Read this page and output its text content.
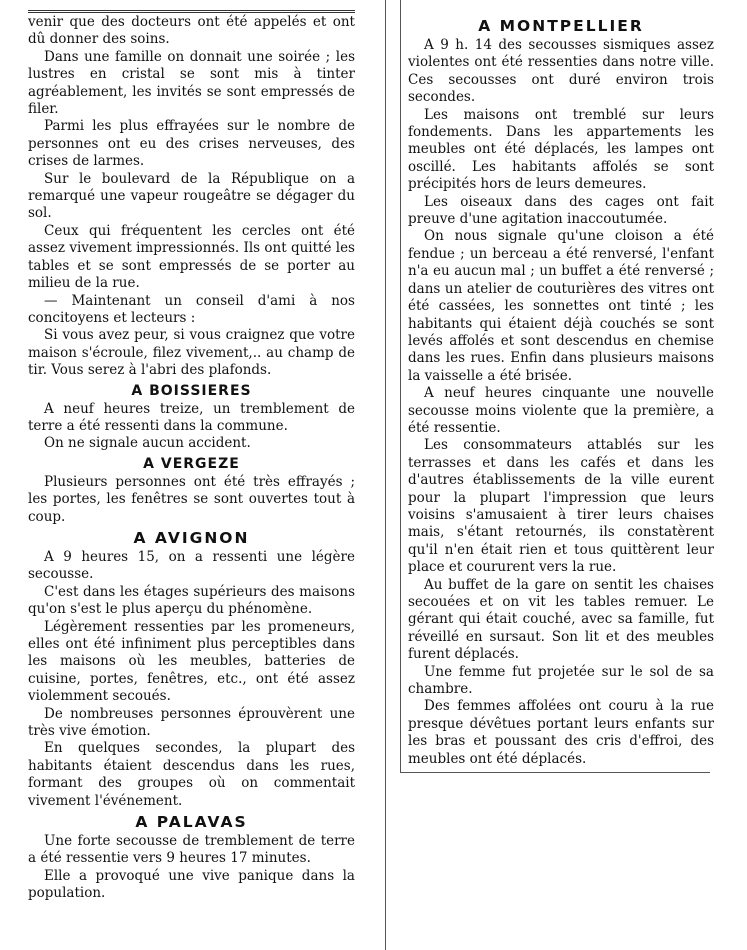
venir que des docteurs ont été appelés et ont dû donner des soins.

Dans une famille on donnait une soirée ; les lustres en cristal se sont mis à tinter agréablement, les invités se sont empressés de filer.

Parmi les plus effrayées sur le nombre de personnes ont eu des crises nerveuses, des crises de larmes.

Sur le boulevard de la République on a remarqué une vapeur rougeâtre se dégager du sol.

Ceux qui fréquentent les cercles ont été assez vivement impressionnés. Ils ont quitté les tables et se sont empressés de se porter au milieu de la rue.

— Maintenant un conseil d'ami à nos concitoyens et lecteurs :

Si vous avez peur, si vous craignez que votre maison s'écroule, filez vivement,.. au champ de tir. Vous serez à l'abri des plafonds.

A BOISSIERES

A neuf heures treize, un tremblement de terre a été ressenti dans la commune.

On ne signale aucun accident.

A VERGEZE

Plusieurs personnes ont été très effrayés ; les portes, les fenêtres se sont ouvertes tout à coup.

A AVIGNON

A 9 heures 15, on a ressenti une légère secousse.

C'est dans les étages supérieurs des maisons qu'on s'est le plus aperçu du phénomène.

Légèrement ressenties par les promeneurs, elles ont été infiniment plus perceptibles dans les maisons où les meubles, batteries de cuisine, portes, fenêtres, etc., ont été assez violemment secoués.

De nombreuses personnes éprouvèrent une très vive émotion.

En quelques secondes, la plupart des habitants étaient descendus dans les rues, formant des groupes où on commentait vivement l'événement.

A PALAVAS

Une forte secousse de tremblement de terre a été ressentie vers 9 heures 17 minutes.

Elle a provoqué une vive panique dans la population.

A MONTPELLIER

A 9 h. 14 des secousses sismiques assez violentes ont été ressenties dans notre ville. Ces secousses ont duré environ trois secondes.

Les maisons ont tremblé sur leurs fondements. Dans les appartements les meubles ont été déplacés, les lampes ont oscillé. Les habitants affolés se sont précipités hors de leurs demeures.

Les oiseaux dans des cages ont fait preuve d'une agitation inaccoutumée.

On nous signale qu'une cloison a été fendue ; un berceau a été renversé, l'enfant n'a eu aucun mal ; un buffet a été renversé ; dans un atelier de couturières des vitres ont été cassées, les sonnettes ont tinté ; les habitants qui étaient déjà couchés se sont levés affolés et sont descendus en chemise dans les rues. Enfin dans plusieurs maisons la vaisselle a été brisée.

A neuf heures cinquante une nouvelle secousse moins violente que la première, a été ressentie.

Les consommateurs attablés sur les terrasses et dans les cafés et dans les d'autres établissements de la ville eurent pour la plupart l'impression que leurs voisins s'amusaient à tirer leurs chaises mais, s'étant retournés, ils constatèrent qu'il n'en était rien et tous quittèrent leur place et coururent vers la rue.

Au buffet de la gare on sentit les chaises secouées et on vit les tables remuer. Le gérant qui était couché, avec sa famille, fut réveillé en sursaut. Son lit et des meubles furent déplacés.

Une femme fut projetée sur le sol de sa chambre.

Des femmes affolées ont couru à la rue presque dévêtues portant leurs enfants sur les bras et poussant des cris d'effroi, des meubles ont été déplacés.
